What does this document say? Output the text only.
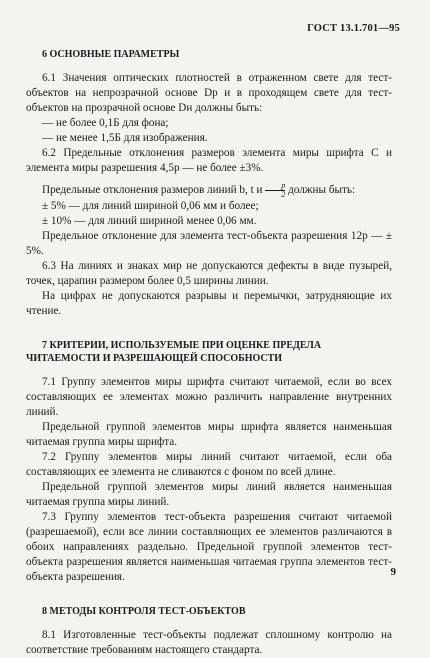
ГОСТ 13.1.701—95
6 ОСНОВНЫЕ ПАРАМЕТРЫ

6.1 Значения оптических плотностей в отраженном свете для тест-объектов на непрозрачной основе Dр и в проходящем свете для тест-объектов на прозрачной основе Dн должны быть:

— не более 0,1Б для фона;

— не менее 1,5Б для изображения.

6.2 Предельные отклонения размеров элемента миры шрифта С и элемента миры разрешения 4,5р — не более ±3%.

Предельные отклонения размеров линий b, t и $\frac{р}{2}$ должны быть:

± 5% — для линий шириной 0,06 мм и более;

± 10% — для линий шириной менее 0,06 мм.

Предельное отклонение для элемента тест-объекта разрешения 12р — ± 5%.

6.3 На линиях и знаках мир не допускаются дефекты в виде пузырей, точек, царапин размером более 0,5 ширины линии.

На цифрах не допускаются разрывы и перемычки, затрудняющие их чтение.

7 КРИТЕРИИ, ИСПОЛЬЗУЕМЫЕ ПРИ ОЦЕНКЕ ПРЕДЕЛА ЧИТАЕМОСТИ И РАЗРЕШАЮЩЕЙ СПОСОБНОСТИ

7.1 Группу элементов миры шрифта считают читаемой, если во всех составляющих ее элементах можно различить направление внутренних линий.

Предельной группой элементов миры шрифта является наименьшая читаемая группа миры шрифта.

7.2 Группу элементов миры линий считают читаемой, если оба составляющих ее элемента не сливаются с фоном по всей длине.

Предельной группой элементов миры линий является наименьшая читаемая группа миры линий.

7.3 Группу элементов тест-объекта разрешения считают читаемой (разрешаемой), если все линии составляющих ее элементов различаются в обоих направлениях раздельно. Предельной группой элементов тест-объекта разрешения является наименьшая читаемая группа элементов тест-объекта разрешения.

8 МЕТОДЫ КОНТРОЛЯ ТЕСТ-ОБЪЕКТОВ

8.1 Изготовленные тест-объекты подлежат сплошному контролю на соответствие требованиям настоящего стандарта.

9
